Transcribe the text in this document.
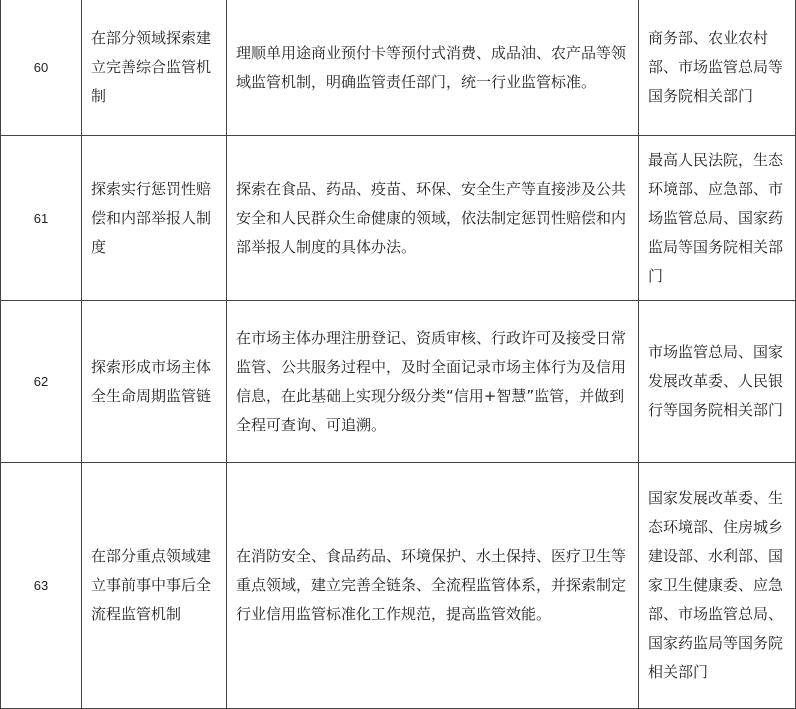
60	在部分领域探索建立完善综合监管机制	理顺单用途商业预付卡等预付式消费、成品油、农产品等领域监管机制，明确监管责任部门，统一行业监管标准。	商务部、农业农村部、市场监管总局等国务院相关部门
61	探索实行惩罚性赔偿和内部举报人制度	探索在食品、药品、疫苗、环保、安全生产等直接涉及公共安全和人民群众生命健康的领域，依法制定惩罚性赔偿和内部举报人制度的具体办法。	最高人民法院，生态环境部、应急部、市场监管总局、国家药监局等国务院相关部门
62	探索形成市场主体全生命周期监管链	在市场主体办理注册登记、资质审核、行政许可及接受日常监管、公共服务过程中，及时全面记录市场主体行为及信用信息，在此基础上实现分级分类“信用+智慧”监管，并做到全程可查询、可追溯。	市场监管总局、国家发展改革委、人民银行等国务院相关部门
63	在部分重点领域建立事前事中事后全流程监管机制	在消防安全、食品药品、环境保护、水土保持、医疗卫生等重点领域，建立完善全链条、全流程监管体系，并探索制定行业信用监管标准化工作规范，提高监管效能。	国家发展改革委、生态环境部、住房城乡建设部、水利部、国家卫生健康委、应急部、市场监管总局、国家药监局等国务院相关部门
